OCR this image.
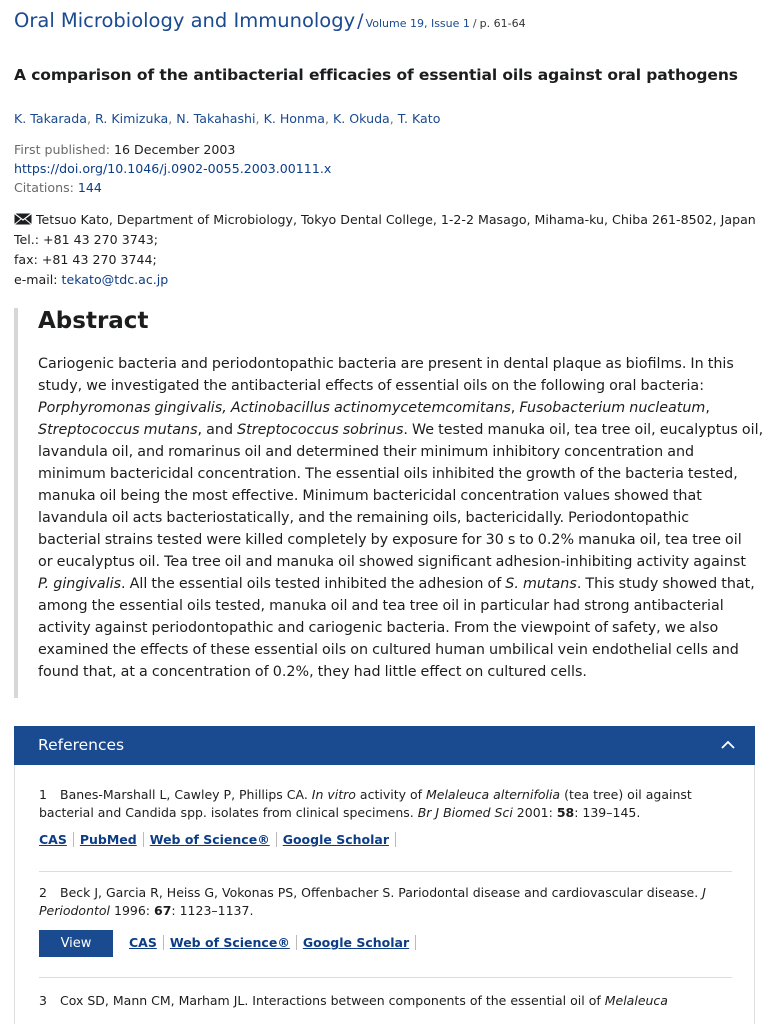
Oral Microbiology and Immunology / Volume 19, Issue 1 / p. 61-64
A comparison of the antibacterial efficacies of essential oils against oral pathogens
K. Takarada, R. Kimizuka, N. Takahashi, K. Honma, K. Okuda, T. Kato
First published: 16 December 2003
https://doi.org/10.1046/j.0902-0055.2003.00111.x
Citations: 144
Tetsuo Kato, Department of Microbiology, Tokyo Dental College, 1-2-2 Masago, Mihama-ku, Chiba 261-8502, Japan
Tel.: +81 43 270 3743;
fax: +81 43 270 3744;
e-mail: tekato@tdc.ac.jp
Abstract

Cariogenic bacteria and periodontopathic bacteria are present in dental plaque as biofilms. In this

study, we investigated the antibacterial effects of essential oils on the following oral bacteria:

Porphyromonas gingivalis, Actinobacillus actinomycetemcomitans, Fusobacterium nucleatum,

Streptococcus mutans, and Streptococcus sobrinus. We tested manuka oil, tea tree oil, eucalyptus oil,

lavandula oil, and romarinus oil and determined their minimum inhibitory concentration and

minimum bactericidal concentration. The essential oils inhibited the growth of the bacteria tested,

manuka oil being the most effective. Minimum bactericidal concentration values showed that

lavandula oil acts bacteriostatically, and the remaining oils, bactericidally. Periodontopathic

bacterial strains tested were killed completely by exposure for 30 s to 0.2% manuka oil, tea tree oil

or eucalyptus oil. Tea tree oil and manuka oil showed significant adhesion-inhibiting activity against

P. gingivalis. All the essential oils tested inhibited the adhesion of S. mutans. This study showed that,

among the essential oils tested, manuka oil and tea tree oil in particular had strong antibacterial

activity against periodontopathic and cariogenic bacteria. From the viewpoint of safety, we also

examined the effects of these essential oils on cultured human umbilical vein endothelial cells and

found that, at a concentration of 0.2%, they had little effect on cultured cells.

References
1 Banes-Marshall L, Cawley P, Phillips CA. In vitro activity of Melaleuca alternifolia (tea tree) oil against
bacterial and Candida spp. isolates from clinical specimens. Br J Biomed Sci 2001: 58: 139–145.
CAS PubMed Web of Science® Google Scholar
2 Beck J, Garcia R, Heiss G, Vokonas PS, Offenbacher S. Pariodontal disease and cardiovascular disease. J
Periodontol 1996: 67: 1123–1137.
View	CAS Web of Science® Google Scholar
3 Cox SD, Mann CM, Marham JL. Interactions between components of the essential oil of Melaleuca
